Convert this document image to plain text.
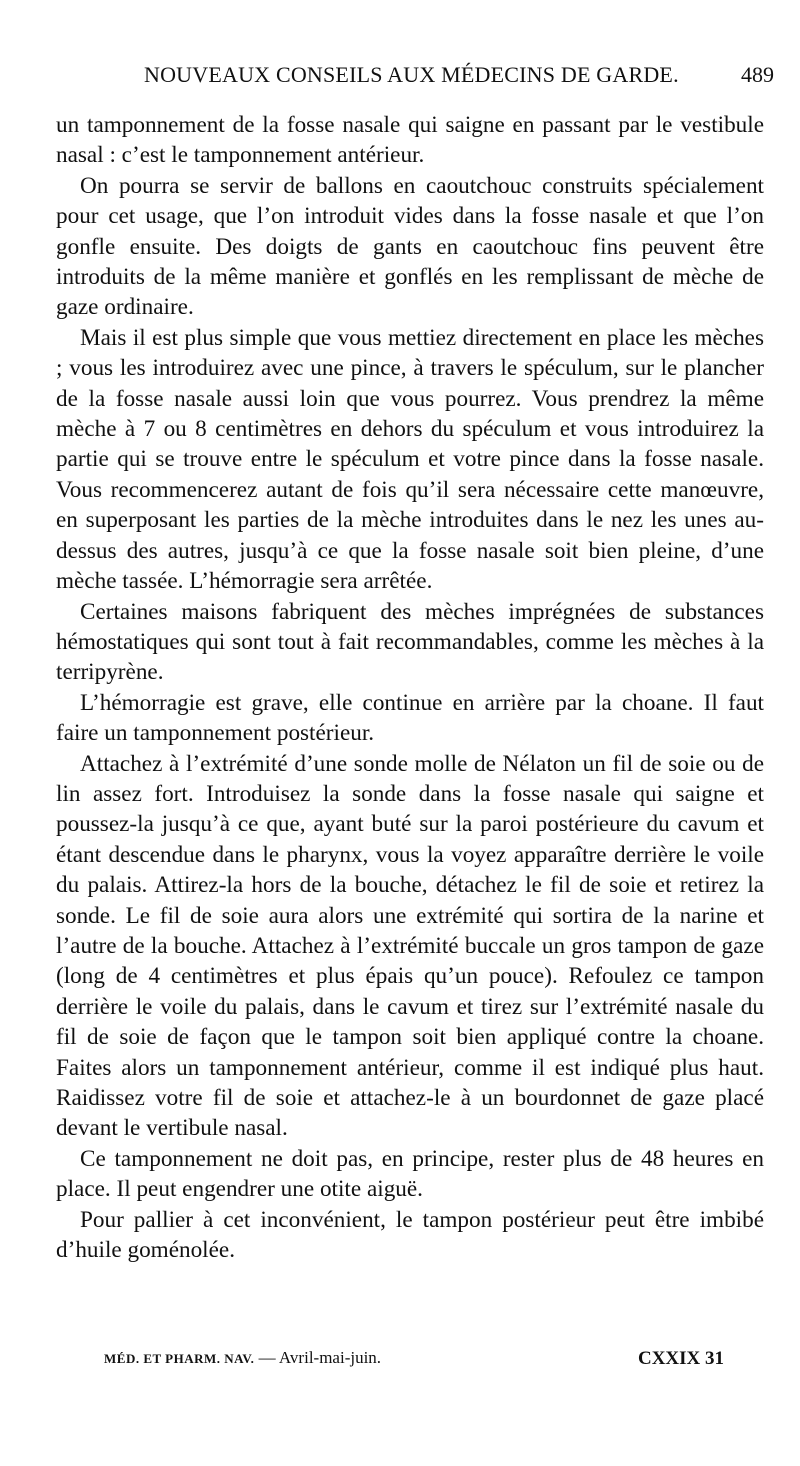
NOUVEAUX CONSEILS AUX MÉDECINS DE GARDE.	489

un tamponnement de la fosse nasale qui saigne en passant par le vestibule nasal : c’est le tamponnement antérieur.

On pourra se servir de ballons en caoutchouc construits spécialement pour cet usage, que l’on introduit vides dans la fosse nasale et que l’on gonfle ensuite. Des doigts de gants en caoutchouc fins peuvent être introduits de la même manière et gonflés en les remplissant de mèche de gaze ordinaire.

Mais il est plus simple que vous mettiez directement en place les mèches ; vous les introduirez avec une pince, à travers le spéculum, sur le plancher de la fosse nasale aussi loin que vous pourrez. Vous prendrez la même mèche à 7 ou 8 centimètres en dehors du spéculum et vous introduirez la partie qui se trouve entre le spéculum et votre pince dans la fosse nasale. Vous recommencerez autant de fois qu’il sera nécessaire cette manœuvre, en superposant les parties de la mèche introduites dans le nez les unes au-dessus des autres, jusqu’à ce que la fosse nasale soit bien pleine, d’une mèche tassée. L’hémorragie sera arrêtée.

Certaines maisons fabriquent des mèches imprégnées de substances hémostatiques qui sont tout à fait recommandables, comme les mèches à la terripyrène.

L’hémorragie est grave, elle continue en arrière par la choane. Il faut faire un tamponnement postérieur.

Attachez à l’extrémité d’une sonde molle de Nélaton un fil de soie ou de lin assez fort. Introduisez la sonde dans la fosse nasale qui saigne et poussez-la jusqu’à ce que, ayant buté sur la paroi postérieure du cavum et étant descendue dans le pharynx, vous la voyez apparaître derrière le voile du palais. Attirez-la hors de la bouche, détachez le fil de soie et retirez la sonde. Le fil de soie aura alors une extrémité qui sortira de la narine et l’autre de la bouche. Attachez à l’extrémité buccale un gros tampon de gaze (long de 4 centimètres et plus épais qu’un pouce). Refoulez ce tampon derrière le voile du palais, dans le cavum et tirez sur l’extrémité nasale du fil de soie de façon que le tampon soit bien appliqué contre la choane. Faites alors un tamponnement antérieur, comme il est indiqué plus haut. Raidissez votre fil de soie et attachez-le à un bourdonnet de gaze placé devant le vertibule nasal.

Ce tamponnement ne doit pas, en principe, rester plus de 48 heures en place. Il peut engendrer une otite aiguë.

Pour pallier à cet inconvénient, le tampon postérieur peut être imbibé d’huile goménolée.

MÉD. ET PHARM. NAV. — Avril-mai-juin.	CXXIX 31
